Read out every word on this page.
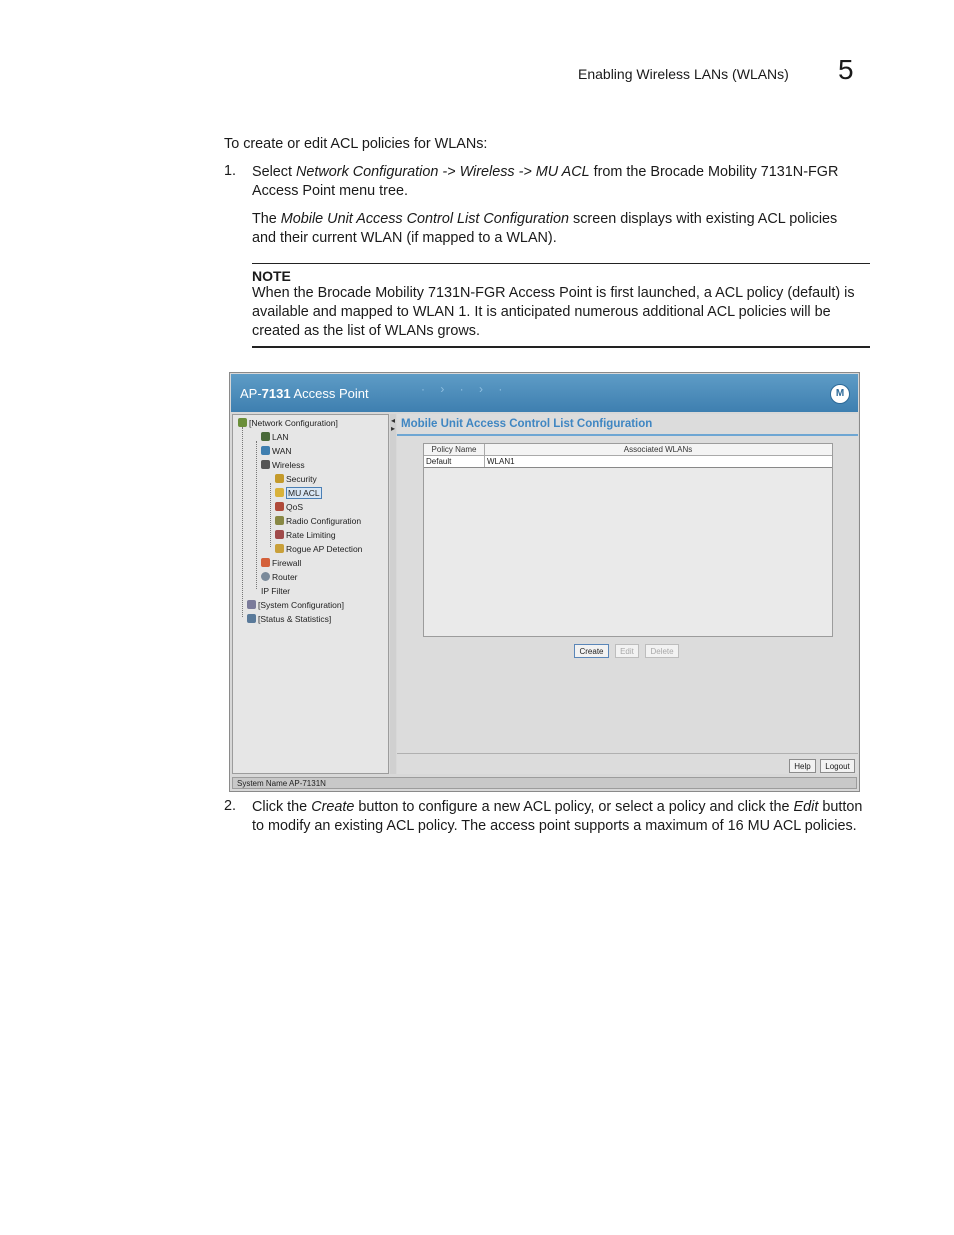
Enabling Wireless LANs (WLANs) 5

To create or edit ACL policies for WLANs:

1. Select Network Configuration -> Wireless -> MU ACL from the Brocade Mobility 7131N-FGR Access Point menu tree.

The Mobile Unit Access Control List Configuration screen displays with existing ACL policies and their current WLAN (if mapped to a WLAN).

NOTE
When the Brocade Mobility 7131N-FGR Access Point is first launched, a ACL policy (default) is available and mapped to WLAN 1. It is anticipated numerous additional ACL policies will be created as the list of WLANs grows.
AP-7131 Access Point	· › · › ·	M
[Network Configuration]
LAN
WAN
Wireless
Security
MU ACL
QoS
Radio Configuration
Rate Limiting
Rogue AP Detection
Firewall
Router
IP Filter
[System Configuration]
[Status & Statistics]
◂
▸ Mobile Unit Access Control List Configuration
Policy Name	Associated WLANs
Default	WLAN1
Create	Edit	Delete
Help	Logout
System Name AP-7131N
2. Click the Create button to configure a new ACL policy, or select a policy and click the Edit button to modify an existing ACL policy. The access point supports a maximum of 16 MU ACL policies.
